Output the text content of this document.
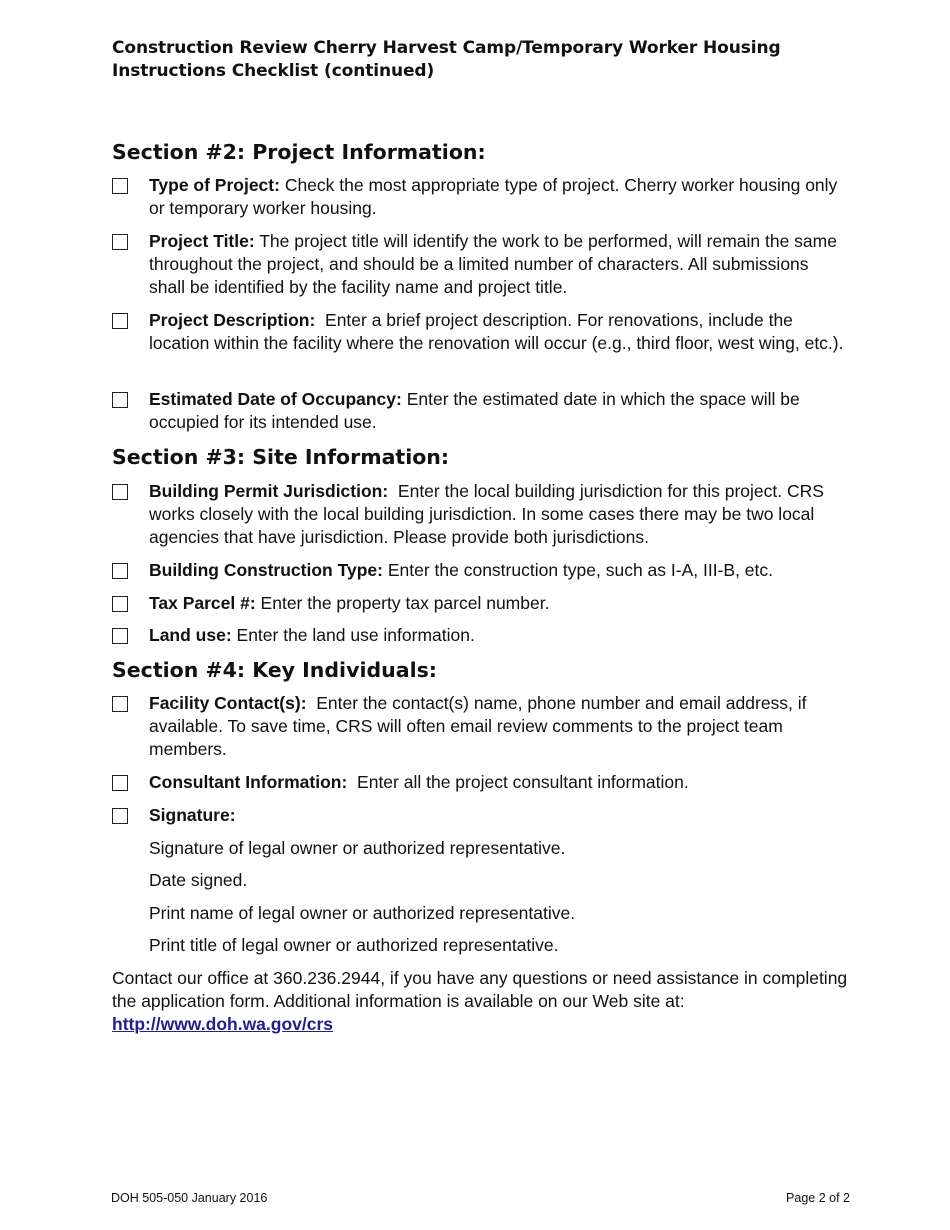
Construction Review Cherry Harvest Camp/Temporary Worker Housing
Instructions Checklist (continued)
Section #2: Project Information:
Type of Project: Check the most appropriate type of project. Cherry worker housing only or temporary worker housing.
Project Title: The project title will identify the work to be performed, will remain the same throughout the project, and should be a limited number of characters. All submissions shall be identified by the facility name and project title.
Project Description:  Enter a brief project description. For renovations, include the location within the facility where the renovation will occur (e.g., third floor, west wing, etc.).
Estimated Date of Occupancy: Enter the estimated date in which the space will be occupied for its intended use.
Section #3: Site Information:
Building Permit Jurisdiction:  Enter the local building jurisdiction for this project. CRS works closely with the local building jurisdiction. In some cases there may be two local agencies that have jurisdiction. Please provide both jurisdictions.
Building Construction Type: Enter the construction type, such as I-A, III-B, etc.
Tax Parcel #: Enter the property tax parcel number.
Land use: Enter the land use information.
Section #4: Key Individuals:
Facility Contact(s):  Enter the contact(s) name, phone number and email address, if available. To save time, CRS will often email review comments to the project team members.
Consultant Information:  Enter all the project consultant information.
Signature:
Signature of legal owner or authorized representative.
Date signed.
Print name of legal owner or authorized representative.
Print title of legal owner or authorized representative.
Contact our office at 360.236.2944, if you have any questions or need assistance in completing the application form. Additional information is available on our Web site at:
http://www.doh.wa.gov/crs
DOH 505-050 January 2016	Page 2 of 2
